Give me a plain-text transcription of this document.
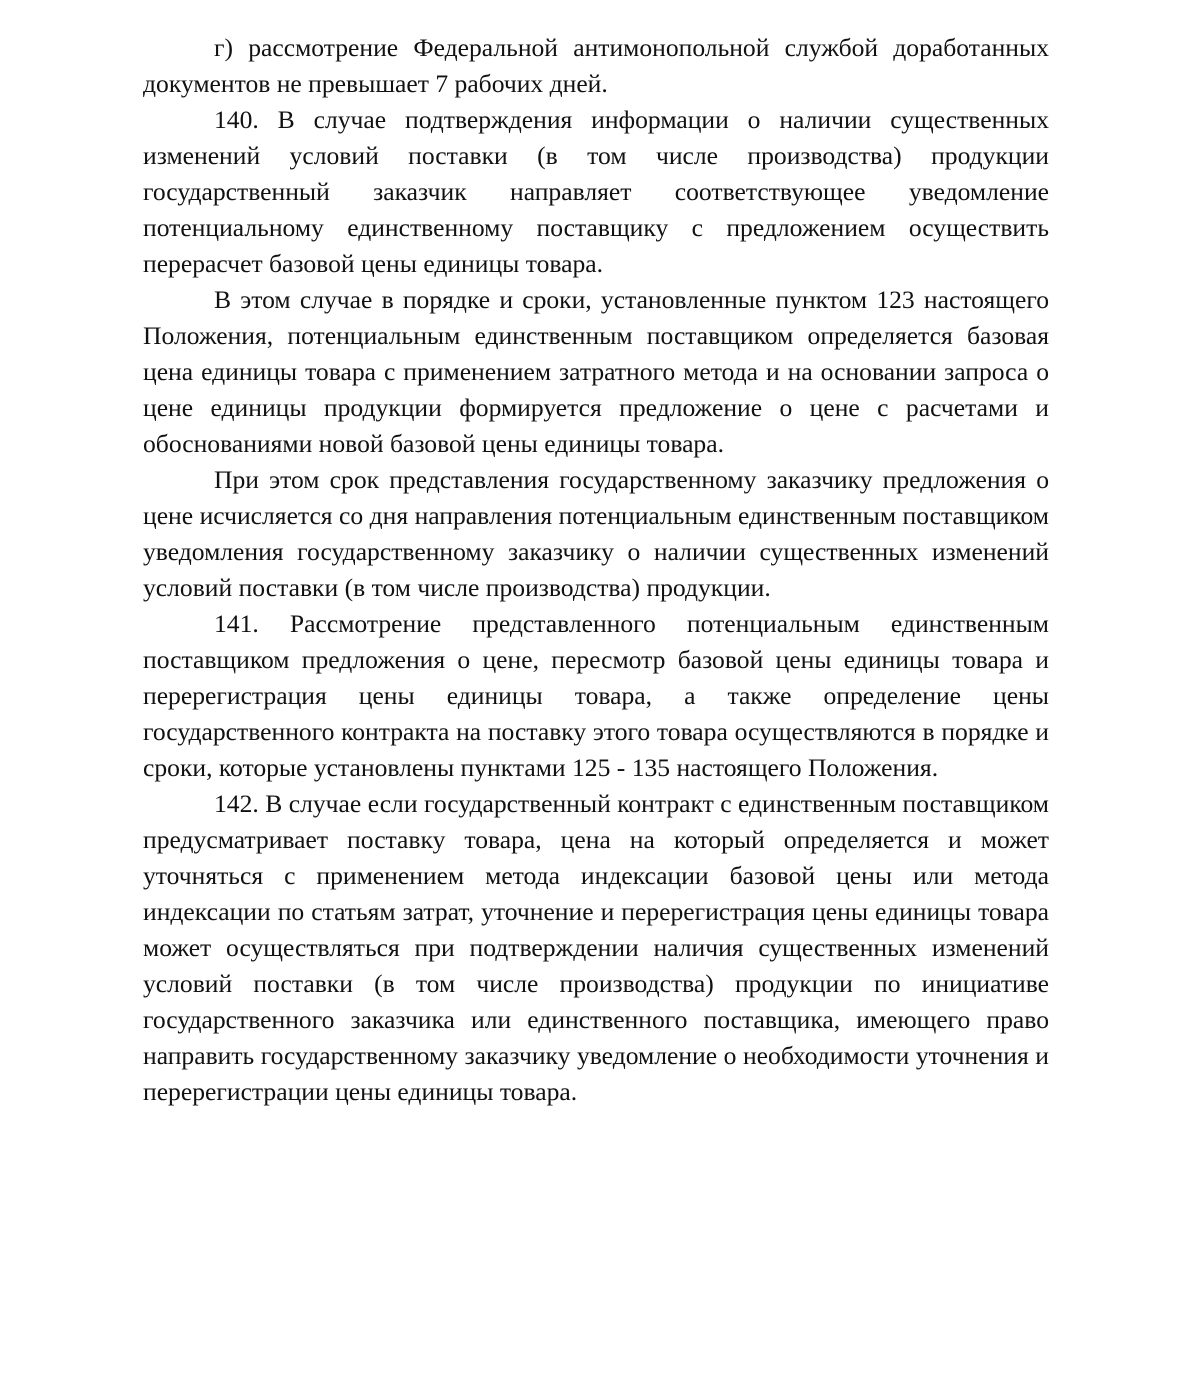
г) рассмотрение Федеральной антимонопольной службой доработанных документов не превышает 7 рабочих дней.

140. В случае подтверждения информации о наличии существенных изменений условий поставки (в том числе производства) продукции государственный заказчик направляет соответствующее уведомление потенциальному единственному поставщику с предложением осуществить перерасчет базовой цены единицы товара.

В этом случае в порядке и сроки, установленные пунктом 123 настоящего Положения, потенциальным единственным поставщиком определяется базовая цена единицы товара с применением затратного метода и на основании запроса о цене единицы продукции формируется предложение о цене с расчетами и обоснованиями новой базовой цены единицы товара.

При этом срок представления государственному заказчику предложения о цене исчисляется со дня направления потенциальным единственным поставщиком уведомления государственному заказчику о наличии существенных изменений условий поставки (в том числе производства) продукции.

141. Рассмотрение представленного потенциальным единственным поставщиком предложения о цене, пересмотр базовой цены единицы товара и перерегистрация цены единицы товара, а также определение цены государственного контракта на поставку этого товара осуществляются в порядке и сроки, которые установлены пунктами 125 - 135 настоящего Положения.

142. В случае если государственный контракт с единственным поставщиком предусматривает поставку товара, цена на который определяется и может уточняться с применением метода индексации базовой цены или метода индексации по статьям затрат, уточнение и перерегистрация цены единицы товара может осуществляться при подтверждении наличия существенных изменений условий поставки (в том числе производства) продукции по инициативе государственного заказчика или единственного поставщика, имеющего право направить государственному заказчику уведомление о необходимости уточнения и перерегистрации цены единицы товара.
